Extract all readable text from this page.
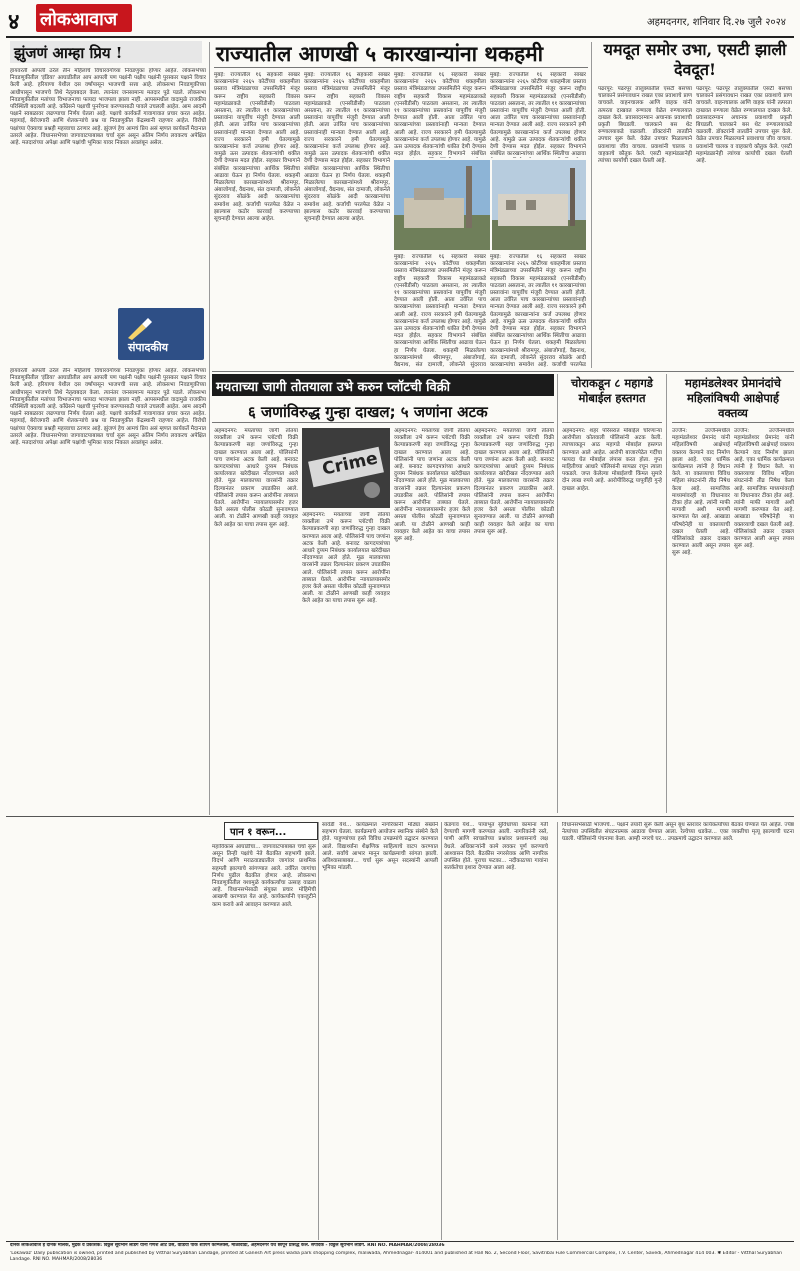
४ लोकआवाज	अहमदनगर, शनिवार दि.२७ जुलै २०२४
झुंजणं आम्हा प्रिय !
हायवरती आपली ठरेल तीन महिलांचे विचारवर्गाच्या निवडणुका होणार आहेत. लोकसभेच्या निवडणुकीतील 'इंडिया' आघाडीतील आप आपली पण पक्षांनी पक्षीय पक्षांनी पुरस्कार पक्षाने विचार केली आहे. हरियाणा येथील दस वर्षांपासून भाजपची सत्ता आहे. लोकसभा निवडणुकीच्या आधीपासून भाजपचे तिथे नेतृत्वबदल केला. त्यानंतर जनसामान्य मतदार पुढे पडले. लोकसभा निवडणुकीतील मतांच्या विभाजनाचा फायदा भाजपला झाला नाही. आपसमधील वादामुळे राजकीय परिस्थिती बदलली आहे. काँग्रेसने पक्षाची पुनर्रचना करण्यासाठी पावले उचलली आहेत. आम आदमी पक्षाने स्वबळावर लढण्याचा निर्णय घेतला आहे. पक्षाचे कार्यकर्ते गावागावात प्रचार करत आहेत. महागाई, बेरोजगारी आणि शेतकऱ्यांचे प्रश्न या निवडणुकीत केंद्रस्थानी राहणार आहेत. विरोधी पक्षांच्या ऐक्याचा प्रश्नही महत्त्वाचा ठरणार आहे. झुंजणं हेच आमचं प्रिय असं म्हणत कार्यकर्ते मैदानात उतरले आहेत. विधानसभेच्या जागावाटपाबाबत चर्चा सुरू असून अंतिम निर्णय लवकरच अपेक्षित आहे. मतदारांच्या अपेक्षा आणि पक्षांची भूमिका यावर निकाल अवलंबून असेल.
संपादकीय
हायवरती आपली ठरेल तीन महिलांचे विचारवर्गाच्या निवडणुका होणार आहेत. लोकसभेच्या निवडणुकीतील 'इंडिया' आघाडीतील आप आपली पण पक्षांनी पक्षीय पक्षांनी पुरस्कार पक्षाने विचार केली आहे. हरियाणा येथील दस वर्षांपासून भाजपची सत्ता आहे. लोकसभा निवडणुकीच्या आधीपासून भाजपचे तिथे नेतृत्वबदल केला. त्यानंतर जनसामान्य मतदार पुढे पडले. लोकसभा निवडणुकीतील मतांच्या विभाजनाचा फायदा भाजपला झाला नाही. आपसमधील वादामुळे राजकीय परिस्थिती बदलली आहे. काँग्रेसने पक्षाची पुनर्रचना करण्यासाठी पावले उचलली आहेत. आम आदमी पक्षाने स्वबळावर लढण्याचा निर्णय घेतला आहे. पक्षाचे कार्यकर्ते गावागावात प्रचार करत आहेत. महागाई, बेरोजगारी आणि शेतकऱ्यांचे प्रश्न या निवडणुकीत केंद्रस्थानी राहणार आहेत. विरोधी पक्षांच्या ऐक्याचा प्रश्नही महत्त्वाचा ठरणार आहे. झुंजणं हेच आमचं प्रिय असं म्हणत कार्यकर्ते मैदानात उतरले आहेत. विधानसभेच्या जागावाटपाबाबत चर्चा सुरू असून अंतिम निर्णय लवकरच अपेक्षित आहे. मतदारांच्या अपेक्षा आणि पक्षांची भूमिका यावर निकाल अवलंबून असेल.
राज्यातील आणखी ५ कारखान्यांना थकहमी
मुंबई: राज्यातील १६ सहकारी साखर कारखान्यांना २२६५ कोटींच्या थकहमीला प्रस्ताव मंत्रिमंडळाच्या उपसमितीने मंजूर करून राष्ट्रीय सहकारी विकास महामंडळाकडे (एनसीडीसी) पाठवला असताना, तर त्यातील ११ कारखान्यांच्या प्रस्तावांना यापूर्वीच मंजुरी देण्यात आली होती. आता उर्वरित पाच कारखान्यांच्या प्रस्तावांनाही मान्यता देण्यात आली आहे. राज्य सरकारने हमी घेतल्यामुळे कारखान्यांना कर्ज उपलब्ध होणार आहे. यामुळे ऊस उत्पादक शेतकऱ्यांची थकीत देणी देण्यास मदत होईल. सहकार विभागाने संबंधित कारखान्यांच्या आर्थिक स्थितीचा आढावा घेऊन हा निर्णय घेतला. थकहमी मिळालेल्या कारखान्यांमध्ये श्रीरामपूर, अंबाजोगाई, वैद्यनाथ, संत दामाजी, लोकनेते सुंदरराव सोळंके आदी कारखान्यांचा समावेश आहे. कर्जाची परतफेड वेळेत न झाल्यास कठोर कारवाई करण्याच्या सूचनाही देण्यात आल्या आहेत.
मुंबई: राज्यातील १६ सहकारी साखर कारखान्यांना २२६५ कोटींच्या थकहमीला प्रस्ताव मंत्रिमंडळाच्या उपसमितीने मंजूर करून राष्ट्रीय सहकारी विकास महामंडळाकडे (एनसीडीसी) पाठवला असताना, तर त्यातील ११ कारखान्यांच्या प्रस्तावांना यापूर्वीच मंजुरी देण्यात आली होती. आता उर्वरित पाच कारखान्यांच्या प्रस्तावांनाही मान्यता देण्यात आली आहे. राज्य सरकारने हमी घेतल्यामुळे कारखान्यांना कर्ज उपलब्ध होणार आहे. यामुळे ऊस उत्पादक शेतकऱ्यांची थकीत देणी देण्यास मदत होईल. सहकार विभागाने संबंधित कारखान्यांच्या आर्थिक स्थितीचा आढावा घेऊन हा निर्णय घेतला. थकहमी मिळालेल्या कारखान्यांमध्ये श्रीरामपूर, अंबाजोगाई, वैद्यनाथ, संत दामाजी, लोकनेते सुंदरराव सोळंके आदी कारखान्यांचा समावेश आहे. कर्जाची परतफेड वेळेत न झाल्यास कठोर कारवाई करण्याच्या सूचनाही देण्यात आल्या आहेत.
मुंबई: राज्यातील १६ सहकारी साखर कारखान्यांना २२६५ कोटींच्या थकहमीला प्रस्ताव मंत्रिमंडळाच्या उपसमितीने मंजूर करून राष्ट्रीय सहकारी विकास महामंडळाकडे (एनसीडीसी) पाठवला असताना, तर त्यातील ११ कारखान्यांच्या प्रस्तावांना यापूर्वीच मंजुरी देण्यात आली होती. आता उर्वरित पाच कारखान्यांच्या प्रस्तावांनाही मान्यता देण्यात आली आहे. राज्य सरकारने हमी घेतल्यामुळे कारखान्यांना कर्ज उपलब्ध होणार आहे. यामुळे ऊस उत्पादक शेतकऱ्यांची थकीत देणी देण्यास मदत होईल. सहकार विभागाने संबंधित
मुंबई: राज्यातील १६ सहकारी साखर कारखान्यांना २२६५ कोटींच्या थकहमीला प्रस्ताव मंत्रिमंडळाच्या उपसमितीने मंजूर करून राष्ट्रीय सहकारी विकास महामंडळाकडे (एनसीडीसी) पाठवला असताना, तर त्यातील ११ कारखान्यांच्या प्रस्तावांना यापूर्वीच मंजुरी देण्यात आली होती. आता उर्वरित पाच कारखान्यांच्या प्रस्तावांनाही मान्यता देण्यात आली आहे. राज्य सरकारने हमी घेतल्यामुळे कारखान्यांना कर्ज उपलब्ध होणार आहे. यामुळे ऊस उत्पादक शेतकऱ्यांची थकीत देणी देण्यास मदत होईल. सहकार विभागाने संबंधित कारखान्यांच्या आर्थिक स्थितीचा आढावा
मुंबई: राज्यातील १६ सहकारी साखर कारखान्यांना २२६५ कोटींच्या थकहमीला प्रस्ताव मंत्रिमंडळाच्या उपसमितीने मंजूर करून राष्ट्रीय सहकारी विकास महामंडळाकडे (एनसीडीसी) पाठवला असताना, तर त्यातील ११ कारखान्यांच्या प्रस्तावांना यापूर्वीच मंजुरी देण्यात आली होती. आता उर्वरित पाच कारखान्यांच्या प्रस्तावांनाही मान्यता देण्यात आली आहे. राज्य सरकारने हमी घेतल्यामुळे कारखान्यांना कर्ज उपलब्ध होणार आहे. यामुळे ऊस उत्पादक शेतकऱ्यांची थकीत देणी देण्यास मदत होईल. सहकार विभागाने संबंधित कारखान्यांच्या आर्थिक स्थितीचा आढावा घेऊन हा निर्णय घेतला. थकहमी मिळालेल्या कारखान्यांमध्ये श्रीरामपूर, अंबाजोगाई, वैद्यनाथ, संत दामाजी, लोकनेते सुंदरराव
मुंबई: राज्यातील १६ सहकारी साखर कारखान्यांना २२६५ कोटींच्या थकहमीला प्रस्ताव मंत्रिमंडळाच्या उपसमितीने मंजूर करून राष्ट्रीय सहकारी विकास महामंडळाकडे (एनसीडीसी) पाठवला असताना, तर त्यातील ११ कारखान्यांच्या प्रस्तावांना यापूर्वीच मंजुरी देण्यात आली होती. आता उर्वरित पाच कारखान्यांच्या प्रस्तावांनाही मान्यता देण्यात आली आहे. राज्य सरकारने हमी घेतल्यामुळे कारखान्यांना कर्ज उपलब्ध होणार आहे. यामुळे ऊस उत्पादक शेतकऱ्यांची थकीत देणी देण्यास मदत होईल. सहकार विभागाने संबंधित कारखान्यांच्या आर्थिक स्थितीचा आढावा घेऊन हा निर्णय घेतला. थकहमी मिळालेल्या कारखान्यांमध्ये श्रीरामपूर, अंबाजोगाई, वैद्यनाथ, संत दामाजी, लोकनेते सुंदरराव सोळंके आदी कारखान्यांचा समावेश आहे. कर्जाची परतफेड
यमदूत समोर उभा, एसटी झाली देवदूत!
पंढरपूर: पंढरपूर तालुक्यातील एसटी बसच्या चालकाने प्रसंगावधान राखत एका प्रवाशाचे प्राण वाचवले. वाहनचालक आणि वाहक यांनी तत्परता दाखवत रुग्णाला वेळेत रुग्णालयात दाखल केले. प्रवासादरम्यान अचानक प्रवाशाची प्रकृती बिघडली. चालकाने बस थेट रुग्णालयाकडे वळवली. डॉक्टरांनी तातडीने उपचार सुरू केले. वेळेत उपचार मिळाल्याने प्रवाशाचा जीव वाचला. प्रवाशांनी चालक व वाहकाचे कौतुक केले. एसटी महामंडळानेही त्यांच्या कार्याची दखल घेतली आहे.
पंढरपूर: पंढरपूर तालुक्यातील एसटी बसच्या चालकाने प्रसंगावधान राखत एका प्रवाशाचे प्राण वाचवले. वाहनचालक आणि वाहक यांनी तत्परता दाखवत रुग्णाला वेळेत रुग्णालयात दाखल केले. प्रवासादरम्यान अचानक प्रवाशाची प्रकृती बिघडली. चालकाने बस थेट रुग्णालयाकडे वळवली. डॉक्टरांनी तातडीने उपचार सुरू केले. वेळेत उपचार मिळाल्याने प्रवाशाचा जीव वाचला. प्रवाशांनी चालक व वाहकाचे कौतुक केले. एसटी महामंडळानेही त्यांच्या कार्याची दखल घेतली आहे.
मयताच्या जागी तोतयाला उभे करुन प्लॉटची विक्री
६ जणांविरुद्ध गुन्हा दाखल; ५ जणांना अटक
अहमदनगर: मयताच्या जागी तोतया व्यक्तीला उभे करून प्लॉटची विक्री केल्याप्रकरणी सहा जणांविरुद्ध गुन्हा दाखल करण्यात आला आहे. पोलिसांनी पाच जणांना अटक केली आहे. बनावट कागदपत्रांच्या आधारे दुय्यम निबंधक कार्यालयात खरेदीखत नोंदवण्यात आले होते. मूळ मालकाच्या वारसांनी तक्रार दिल्यानंतर प्रकरण उघडकीस आले. पोलिसांनी तपास करून आरोपींना ताब्यात घेतले. आरोपींना न्यायालयासमोर हजर केले असता पोलीस कोठडी सुनावण्यात आली. या टोळीने आणखी काही व्यवहार केले आहेत का याचा तपास सुरू आहे.
Crime
अहमदनगर: मयताच्या जागी तोतया व्यक्तीला उभे करून प्लॉटची विक्री केल्याप्रकरणी सहा जणांविरुद्ध गुन्हा दाखल करण्यात आला आहे. पोलिसांनी पाच जणांना अटक केली आहे. बनावट कागदपत्रांच्या आधारे दुय्यम निबंधक कार्यालयात खरेदीखत नोंदवण्यात आले होते. मूळ मालकाच्या वारसांनी तक्रार दिल्यानंतर प्रकरण उघडकीस आले. पोलिसांनी तपास करून आरोपींना ताब्यात घेतले. आरोपींना न्यायालयासमोर हजर केले असता पोलीस कोठडी सुनावण्यात आली. या टोळीने आणखी काही व्यवहार केले आहेत का याचा तपास सुरू आहे.
अहमदनगर: मयताच्या जागी तोतया व्यक्तीला उभे करून प्लॉटची विक्री केल्याप्रकरणी सहा जणांविरुद्ध गुन्हा दाखल करण्यात आला आहे. पोलिसांनी पाच जणांना अटक केली आहे. बनावट कागदपत्रांच्या आधारे दुय्यम निबंधक कार्यालयात खरेदीखत नोंदवण्यात आले होते. मूळ मालकाच्या वारसांनी तक्रार दिल्यानंतर प्रकरण उघडकीस आले. पोलिसांनी तपास करून आरोपींना ताब्यात घेतले. आरोपींना न्यायालयासमोर हजर केले असता पोलीस कोठडी सुनावण्यात आली. या टोळीने आणखी काही व्यवहार केले आहेत का याचा तपास सुरू आहे.
अहमदनगर: मयताच्या जागी तोतया व्यक्तीला उभे करून प्लॉटची विक्री केल्याप्रकरणी सहा जणांविरुद्ध गुन्हा दाखल करण्यात आला आहे. पोलिसांनी पाच जणांना अटक केली आहे. बनावट कागदपत्रांच्या आधारे दुय्यम निबंधक कार्यालयात खरेदीखत नोंदवण्यात आले होते. मूळ मालकाच्या वारसांनी तक्रार दिल्यानंतर प्रकरण उघडकीस आले. पोलिसांनी तपास करून आरोपींना ताब्यात घेतले. आरोपींना न्यायालयासमोर हजर केले असता पोलीस कोठडी सुनावण्यात आली. या टोळीने आणखी काही व्यवहार केले आहेत का याचा तपास सुरू आहे.
चोराकडून ८ महागडे मोबाईल हस्तगत
अहमदनगर: शहर परिसरात मोबाईल चोरणाऱ्या आरोपीला कोतवाली पोलिसांनी अटक केली. त्याच्याकडून आठ महागडे मोबाईल हस्तगत करण्यात आले आहेत. आरोपी बाजारपेठेत गर्दीचा फायदा घेत मोबाईल लंपास करत होता. गुप्त माहितीच्या आधारे पोलिसांनी सापळा रचून त्याला पकडले. जप्त केलेल्या मोबाईलची किंमत सुमारे दोन लाख रुपये आहे. आरोपीविरुद्ध यापूर्वीही गुन्हे दाखल आहेत.
महामंडलेश्वर प्रेमानंदांचे महिलांविषयी आक्षेपार्ह वक्तव्य
उज्जैन: उज्जैनमधील महामंडलेश्वर प्रेमानंद यांनी महिलांविषयी आक्षेपार्ह वक्तव्य केल्याने वाद निर्माण झाला आहे. एका धार्मिक कार्यक्रमात त्यांनी हे विधान केले. या वक्तव्याचा विविध महिला संघटनांनी तीव्र निषेध केला आहे. सामाजिक माध्यमांवरही या विधानावर टीका होत आहे. त्यांनी माफी मागावी अशी मागणी करण्यात येत आहे. आखाडा परिषदेनेही या वक्तव्याची दखल घेतली आहे. पोलिसांकडे तक्रार दाखल करण्यात आली असून तपास सुरू आहे.
उज्जैन: उज्जैनमधील महामंडलेश्वर प्रेमानंद यांनी महिलांविषयी आक्षेपार्ह वक्तव्य केल्याने वाद निर्माण झाला आहे. एका धार्मिक कार्यक्रमात त्यांनी हे विधान केले. या वक्तव्याचा विविध महिला संघटनांनी तीव्र निषेध केला आहे. सामाजिक माध्यमांवरही या विधानावर टीका होत आहे. त्यांनी माफी मागावी अशी मागणी करण्यात येत आहे. आखाडा परिषदेनेही या वक्तव्याची दखल घेतली आहे. पोलिसांकडे तक्रार दाखल करण्यात आली असून तपास सुरू आहे.
पान १ वरून...
महाविकास आघाडीचा... जागावाटपाबाबत चर्चा सुरू असून तिन्ही पक्षांचे नेते बैठकीत सहभागी झाले. विदर्भ आणि मराठवाड्यातील जागांवर प्राथमिक सहमती झाल्याचे सांगण्यात आले. उर्वरित जागांचा निर्णय पुढील बैठकीत होणार आहे. लोकसभा निवडणुकीतील यशामुळे कार्यकर्त्यांचा उत्साह वाढला आहे. विधानसभेसाठी संयुक्त प्रचार मोहिमेची आखणी करण्यात येत आहे. कार्यकर्त्यांनी एकजुटीने काम करावे असे आवाहन करण्यात आले.
सावेडी येथे... कार्यक्रमात नागरिकांनी मोठ्या संख्येने सहभाग घेतला. कार्यक्रमाचे आयोजन स्थानिक संस्थेने केले होते. पाहुण्यांच्या हस्ते विविध उपक्रमांचे उद्घाटन करण्यात आले. विद्यार्थ्यांना शैक्षणिक साहित्याचे वाटप करण्यात आले. सर्वांचे आभार मानून कार्यक्रमाची सांगता झाली. अविश्वासाबाबत... चर्चा सुरू असून सदस्यांनी आपली भूमिका मांडली.
केडगाव येथे... पायाभूत सुविधांच्या कामांना गती देण्याची मागणी करण्यात आली. नागरिकांनी रस्ते, पाणी आणि स्वच्छतेच्या प्रश्नांवर प्रशासनाचे लक्ष वेधले. अधिकाऱ्यांनी कामे लवकर पूर्ण करण्याचे आश्वासन दिले. बैठकीस नगरसेवक आणि नागरिक उपस्थित होते. पुराचा फटका... नदीकाठच्या गावांना सतर्कतेचा इशारा देण्यात आला आहे.
विधानसभेसाठी भाजपचे... पक्षाने तयारी सुरू केली असून बूथ स्तरावर कार्यकर्त्यांच्या बैठका घेण्यात येत आहेत. ज्येष्ठ नेत्यांच्या उपस्थितीत संघटनात्मक आढावा घेण्यात आला. रेल्वेच्या धडकेत... एका व्यक्तीचा मृत्यू झाल्याची घटना घडली. पोलिसांनी पंचनामा केला. आम्ही नगरचे घर... उपक्रमाचे उद्घाटन करण्यात आले.
दैनिक लोकआवाज हे दैनिक मालक, मुद्रक व प्रकाशक: विठ्ठल सूर्यभान लांडगे यांनी गणेश आर्ट प्रेस, वाडिया पार्क शॉपिंग कॉम्प्लेक्स, माळीवाडा, अहमदनगर येथे छापून प्रसिद्ध केले. संपादक - विठ्ठल सूर्यभान लांडगे. RNI NO. MAHMAR/2008/28036
'Lokawaz' Daily publication is owned, printed and published by Vitthal Suryabhan Landage, printed at Ganesh Art press wadia park shopping complex, maliwada, Ahmednagar- 414001 and published at Hall No. 2, Second Floor, Savitribai Fule Commercial Complex, T.V. Center, Savedi, Ahmednagar 414 003. ✱ Editor - Vitthal Suryabhan Landage. RNI NO. MAHMAR/2008/28036
